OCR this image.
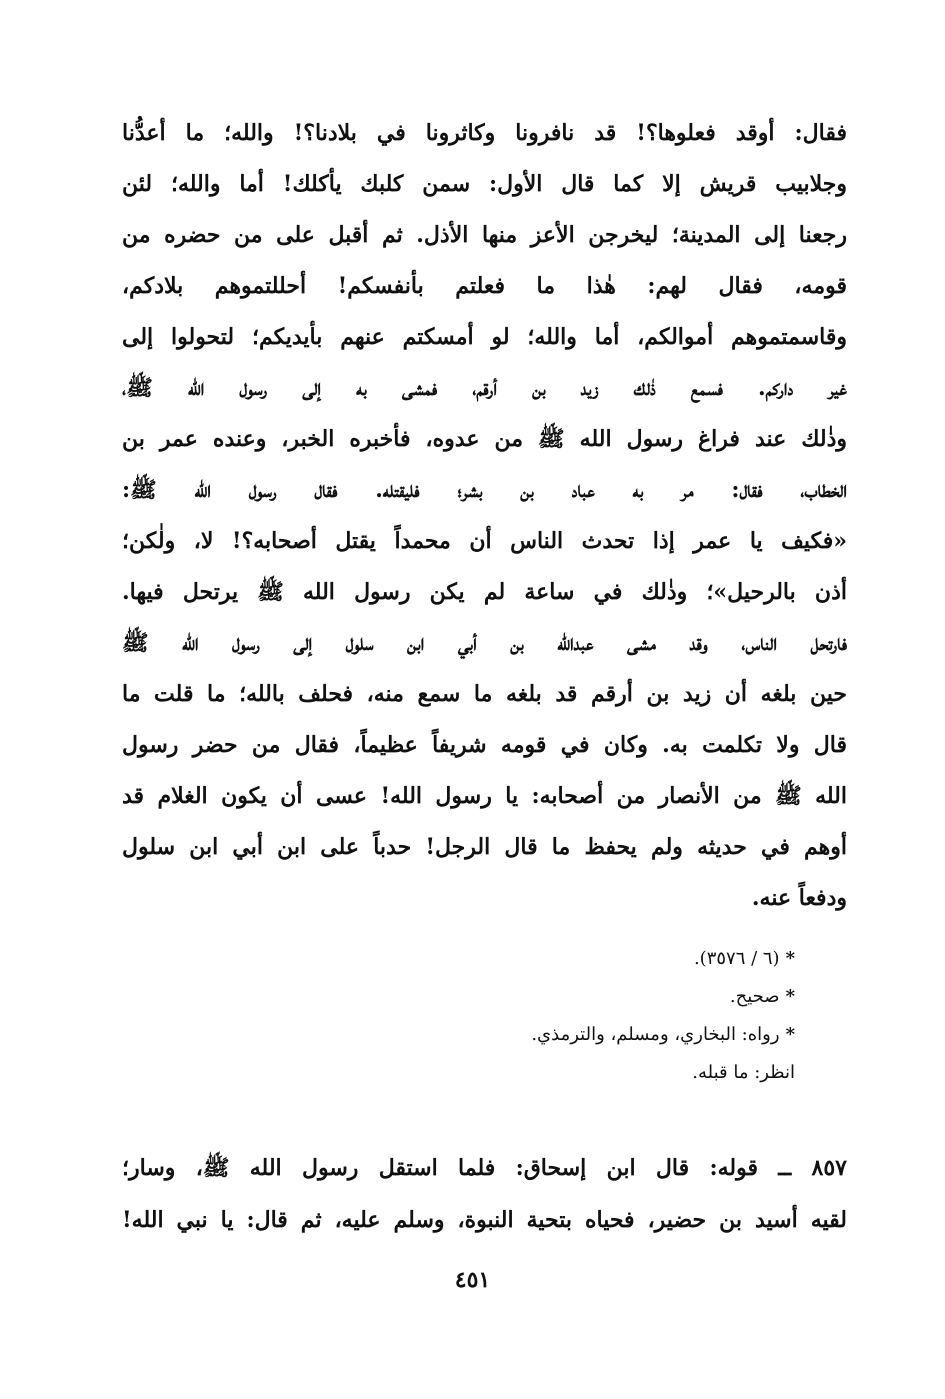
فقال: أوقد فعلوها؟! قد نافرونا وكاثرونا في بلادنا؟! والله؛ ما أعدُّنا
وجلابيب قريش إلا كما قال الأول: سمن كلبك يأكلك! أما والله؛ لئن
رجعنا إلى المدينة؛ ليخرجن الأعز منها الأذل. ثم أقبل على من حضره من
قومه، فقال لهم: هٰذا ما فعلتم بأنفسكم! أحللتموهم بلادكم،
وقاسمتموهم أموالكم، أما والله؛ لو أمسكتم عنهم بأيديكم؛ لتحولوا إلى
غير داركم. فسمع ذٰلك زيد بن أرقم، فمشى به إلى رسول الله ﷺ،
وذٰلك عند فراغ رسول الله ﷺ من عدوه، فأخبره الخبر، وعنده عمر بن
الخطاب، فقال: مر به عباد بن بشر؛ فليقتله. فقال رسول الله ﷺ:
«فكيف يا عمر إذا تحدث الناس أن محمداً يقتل أصحابه؟! لا، ولٰكن؛
أذن بالرحيل»؛ وذٰلك في ساعة لم يكن رسول الله ﷺ يرتحل فيها.
فارتحل الناس، وقد مشى عبدالله بن أبي ابن سلول إلى رسول الله ﷺ
حين بلغه أن زيد بن أرقم قد بلغه ما سمع منه، فحلف بالله؛ ما قلت ما
قال ولا تكلمت به. وكان في قومه شريفاً عظيماً، فقال من حضر رسول
الله ﷺ من الأنصار من أصحابه: يا رسول الله! عسى أن يكون الغلام قد
أوهم في حديثه ولم يحفظ ما قال الرجل! حدباً على ابن أبي ابن سلول
ودفعاً عنه.
*(٦ / ٣٥٧٦).
*صحيح.
*رواه: البخاري، ومسلم، والترمذي.
انظر: ما قبله.
٨٥٧ ــ قوله: قال ابن إسحاق: فلما استقل رسول الله ﷺ، وسار؛
لقيه أسيد بن حضير، فحياه بتحية النبوة، وسلم عليه، ثم قال: يا نبي الله!
٤٥١
